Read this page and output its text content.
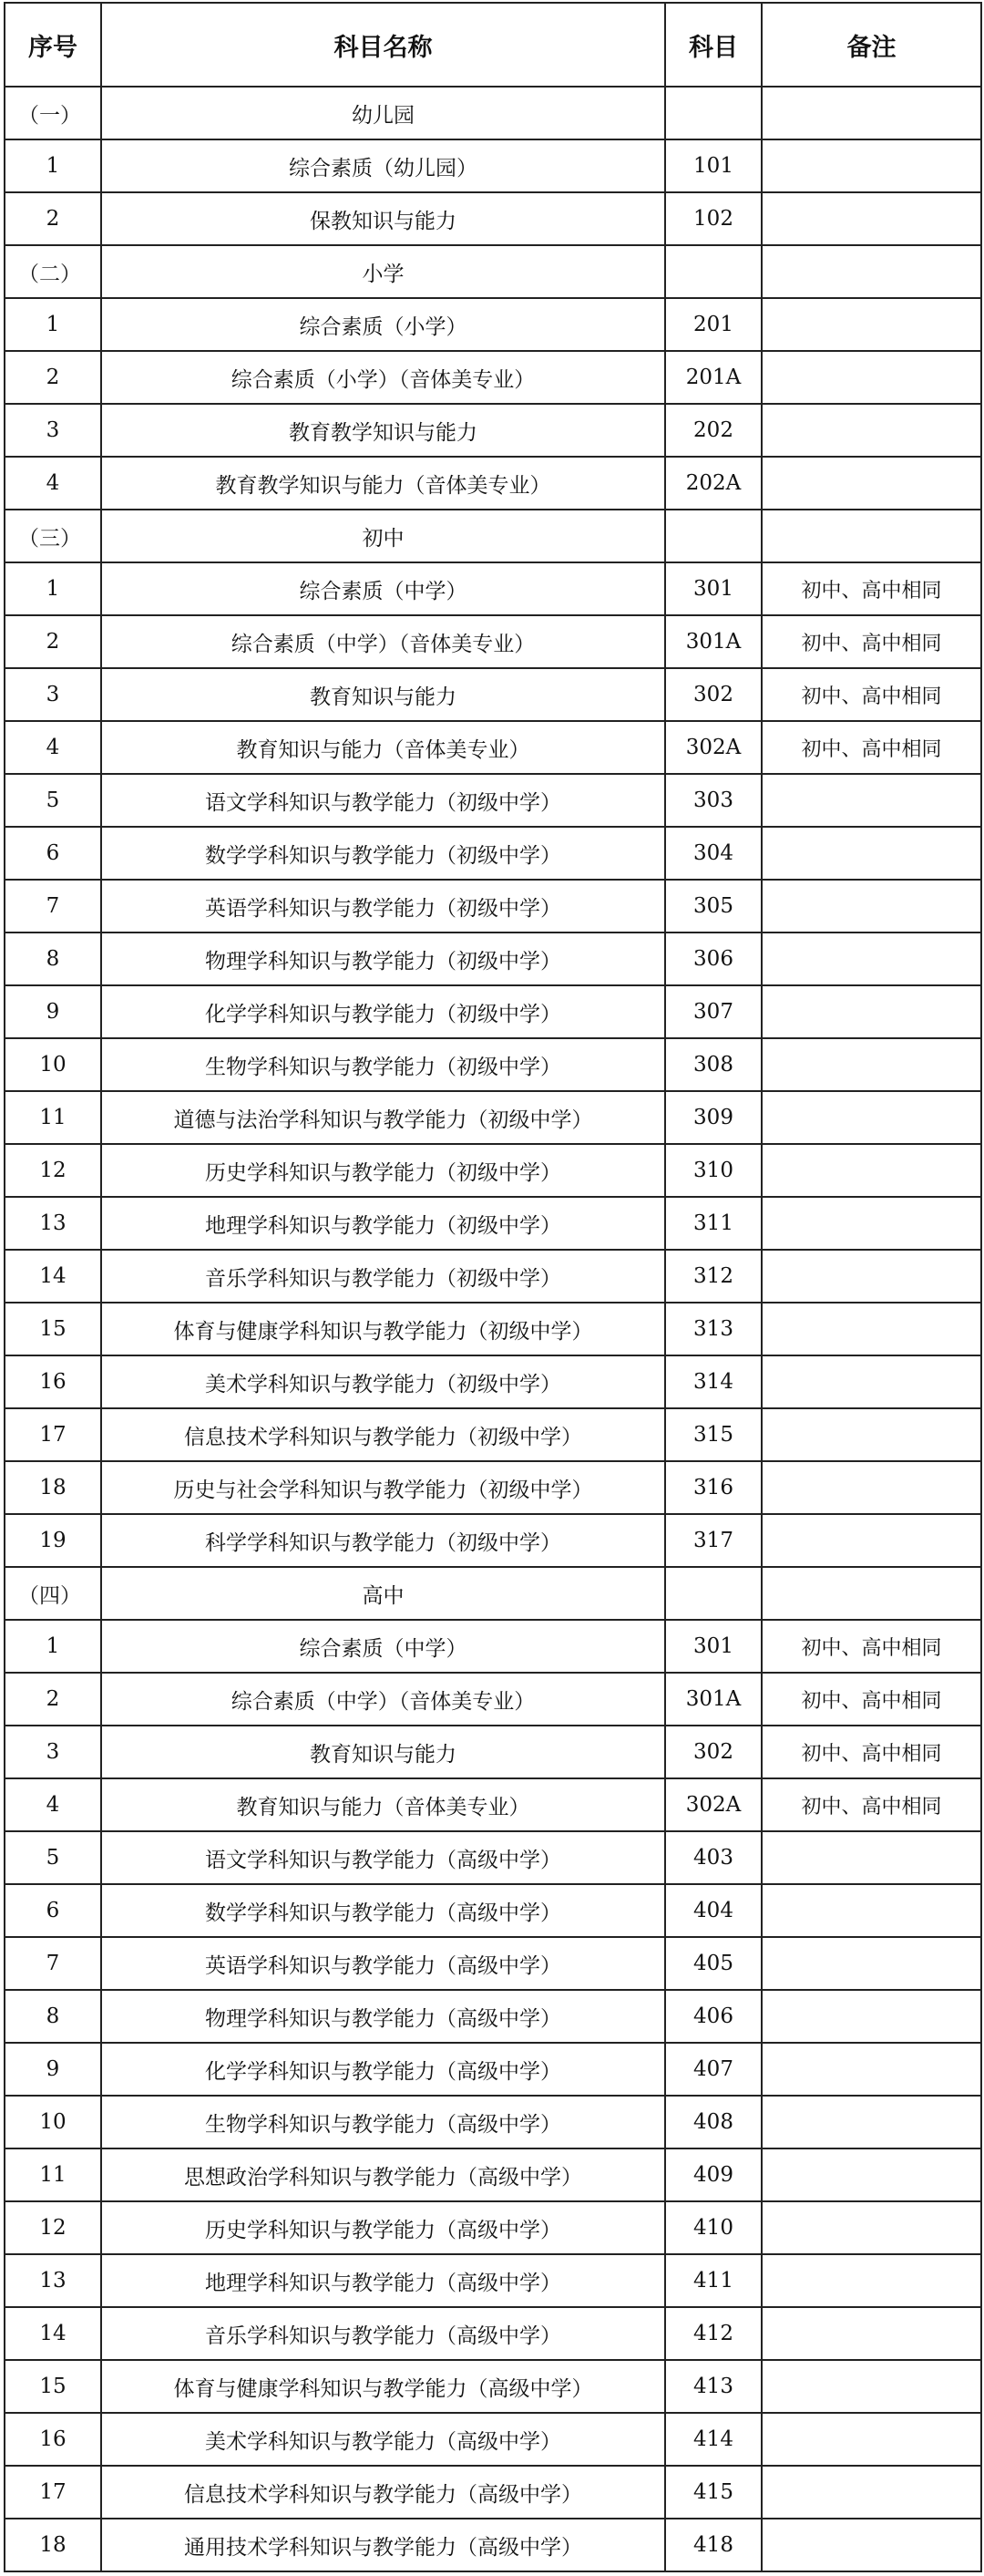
序号	科目名称	科目	备注
（一）	幼儿园		
1	综合素质（幼儿园）	101	
2	保教知识与能力	102	
（二）	小学		
1	综合素质（小学）	201	
2	综合素质（小学）（音体美专业）	201A	
3	教育教学知识与能力	202	
4	教育教学知识与能力（音体美专业）	202A	
（三）	初中		
1	综合素质（中学）	301	初中、高中相同
2	综合素质（中学）（音体美专业）	301A	初中、高中相同
3	教育知识与能力	302	初中、高中相同
4	教育知识与能力（音体美专业）	302A	初中、高中相同
5	语文学科知识与教学能力（初级中学）	303	
6	数学学科知识与教学能力（初级中学）	304	
7	英语学科知识与教学能力（初级中学）	305	
8	物理学科知识与教学能力（初级中学）	306	
9	化学学科知识与教学能力（初级中学）	307	
10	生物学科知识与教学能力（初级中学）	308	
11	道德与法治学科知识与教学能力（初级中学）	309	
12	历史学科知识与教学能力（初级中学）	310	
13	地理学科知识与教学能力（初级中学）	311	
14	音乐学科知识与教学能力（初级中学）	312	
15	体育与健康学科知识与教学能力（初级中学）	313	
16	美术学科知识与教学能力（初级中学）	314	
17	信息技术学科知识与教学能力（初级中学）	315	
18	历史与社会学科知识与教学能力（初级中学）	316	
19	科学学科知识与教学能力（初级中学）	317	
（四）	高中		
1	综合素质（中学）	301	初中、高中相同
2	综合素质（中学）（音体美专业）	301A	初中、高中相同
3	教育知识与能力	302	初中、高中相同
4	教育知识与能力（音体美专业）	302A	初中、高中相同
5	语文学科知识与教学能力（高级中学）	403	
6	数学学科知识与教学能力（高级中学）	404	
7	英语学科知识与教学能力（高级中学）	405	
8	物理学科知识与教学能力（高级中学）	406	
9	化学学科知识与教学能力（高级中学）	407	
10	生物学科知识与教学能力（高级中学）	408	
11	思想政治学科知识与教学能力（高级中学）	409	
12	历史学科知识与教学能力（高级中学）	410	
13	地理学科知识与教学能力（高级中学）	411	
14	音乐学科知识与教学能力（高级中学）	412	
15	体育与健康学科知识与教学能力（高级中学）	413	
16	美术学科知识与教学能力（高级中学）	414	
17	信息技术学科知识与教学能力（高级中学）	415	
18	通用技术学科知识与教学能力（高级中学）	418	
